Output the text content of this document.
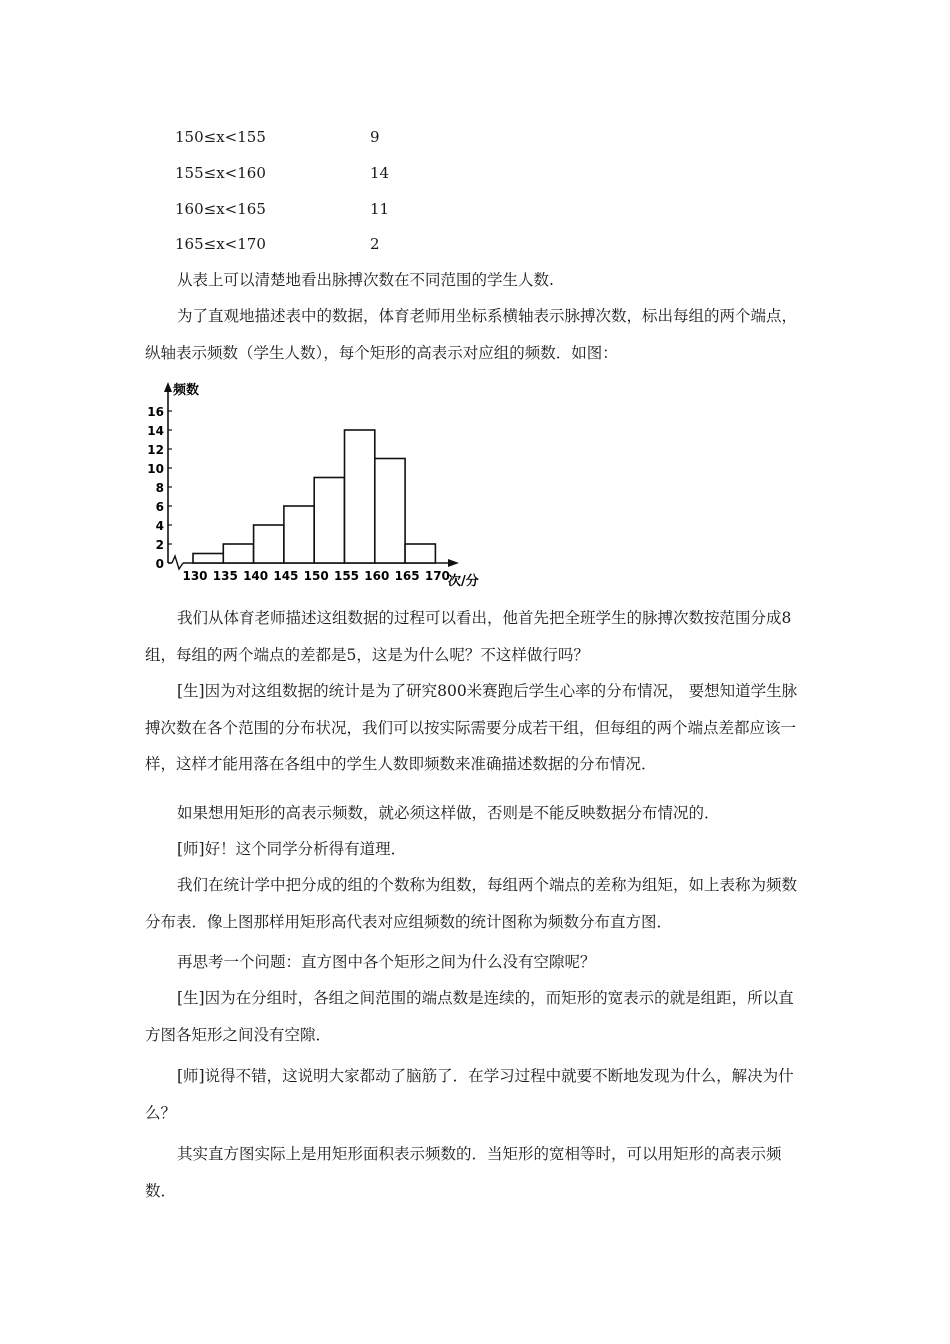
150≤x<155	9
155≤x<160	14
160≤x<165	11
165≤x<170	2

从表上可以清楚地看出脉搏次数在不同范围的学生人数.

为了直观地描述表中的数据，体育老师用坐标系横轴表示脉搏次数，标出每组的两个端点，纵轴表示频数（学生人数），每个矩形的高表示对应组的频数．如图：

0
2
4
6
8
10
12
14
16
130 135 140 145 150 155 160 165 170
频数
次/分

我们从体育老师描述这组数据的过程可以看出，他首先把全班学生的脉搏次数按范围分成8组，每组的两个端点的差都是5，这是为什么呢？不这样做行吗？

[生]因为对这组数据的统计是为了研究800米赛跑后学生心率的分布情况， 要想知道学生脉搏次数在各个范围的分布状况，我们可以按实际需要分成若干组，但每组的两个端点差都应该一样，这样才能用落在各组中的学生人数即频数来准确描述数据的分布情况．

如果想用矩形的高表示频数，就必须这样做，否则是不能反映数据分布情况的．

[师]好！这个同学分析得有道理．

我们在统计学中把分成的组的个数称为组数，每组两个端点的差称为组矩，如上表称为频数分布表．像上图那样用矩形高代表对应组频数的统计图称为频数分布直方图．

再思考一个问题：直方图中各个矩形之间为什么没有空隙呢？

[生]因为在分组时，各组之间范围的端点数是连续的，而矩形的宽表示的就是组距，所以直方图各矩形之间没有空隙．

[师]说得不错，这说明大家都动了脑筋了．在学习过程中就要不断地发现为什么，解决为什么？

其实直方图实际上是用矩形面积表示频数的．当矩形的宽相等时，可以用矩形的高表示频数．
